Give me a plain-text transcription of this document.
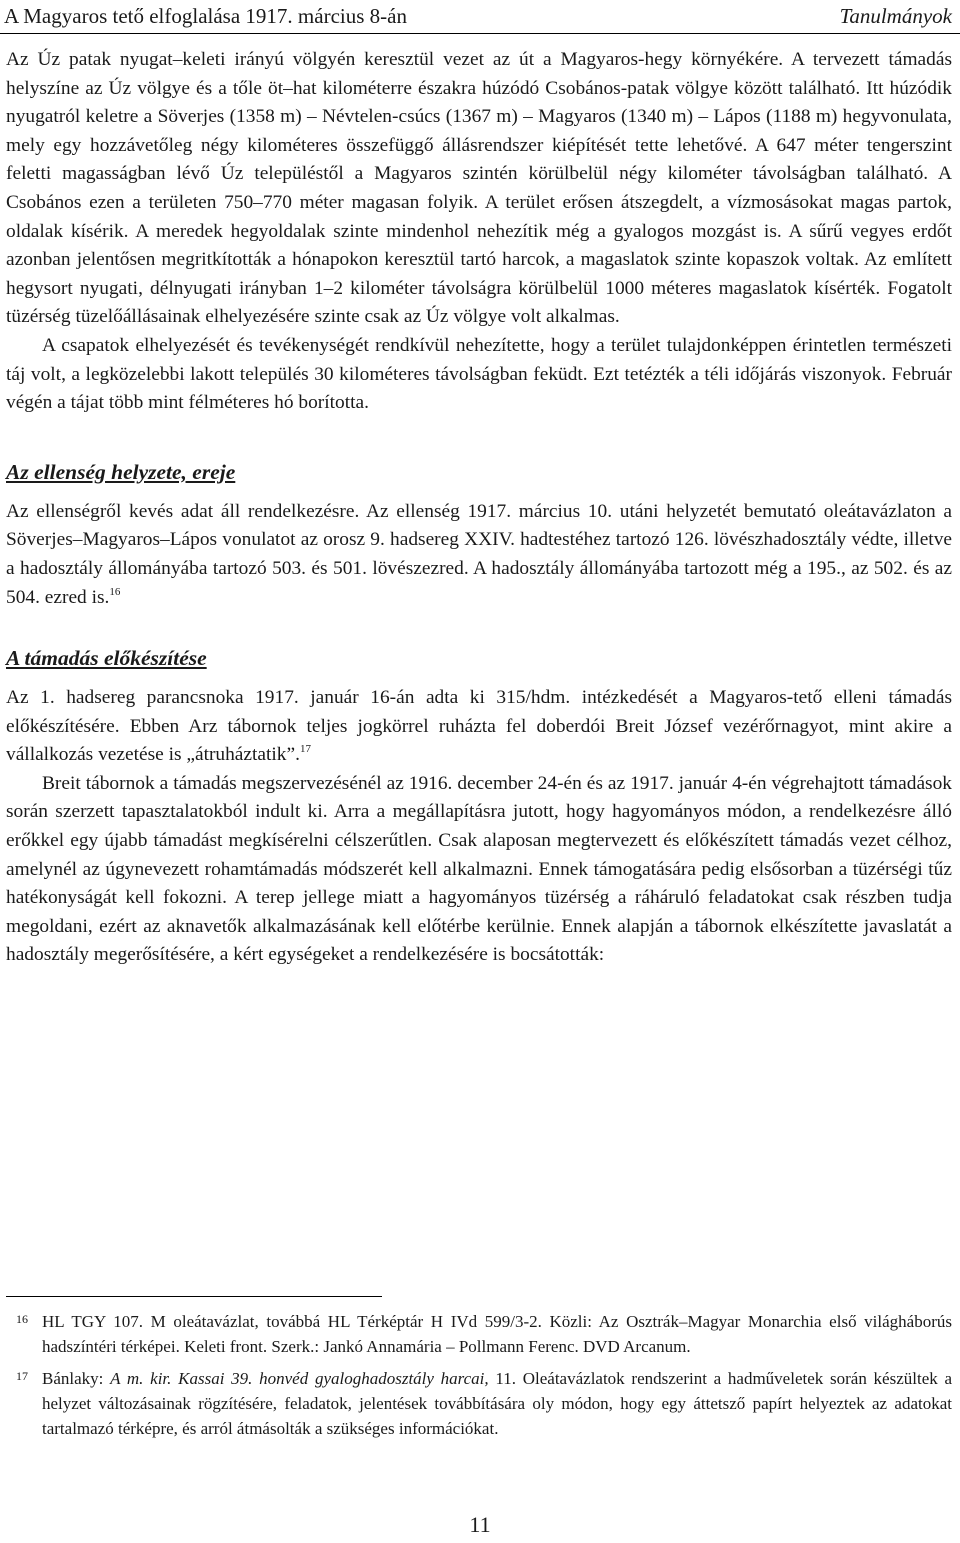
A Magyaros tető elfoglalása 1917. március 8-án	Tanulmányok

Az Úz patak nyugat–keleti irányú völgyén keresztül vezet az út a Magyaros-hegy környékére. A tervezett támadás helyszíne az Úz völgye és a tőle öt–hat kilométerre északra húzódó Csobános-patak völgye között található. Itt húzódik nyugatról keletre a Söverjes (1358 m) – Névtelen-csúcs (1367 m) – Magyaros (1340 m) – Lápos (1188 m) hegyvonulata, mely egy hozzávetőleg négy kilométeres összefüggő állásrendszer kiépítését tette lehetővé. A 647 méter tengerszint feletti magasságban lévő Úz településtől a Magyaros szintén körülbelül négy kilométer távolságban található. A Csobános ezen a területen 750–770 méter magasan folyik. A terület erősen átszegdelt, a vízmosásokat magas partok, oldalak kísérik. A meredek hegyoldalak szinte mindenhol nehezítik még a gyalogos mozgást is. A sűrű vegyes erdőt azonban jelentősen megritkították a hónapokon keresztül tartó harcok, a magaslatok szinte kopaszok voltak. Az említett hegysort nyugati, délnyugati irányban 1–2 kilométer távolságra körülbelül 1000 méteres magaslatok kísérték. Fogatolt tüzérség tüzelőállásainak elhelyezésére szinte csak az Úz völgye volt alkalmas.

A csapatok elhelyezését és tevékenységét rendkívül nehezítette, hogy a terület tulajdonképpen érintetlen természeti táj volt, a legközelebbi lakott település 30 kilométeres távolságban feküdt. Ezt tetézték a téli időjárás viszonyok. Február végén a tájat több mint félméteres hó borította.

Az ellenség helyzete, ereje

Az ellenségről kevés adat áll rendelkezésre. Az ellenség 1917. március 10. utáni helyzetét bemutató oleátavázlaton a Söverjes–Magyaros–Lápos vonulatot az orosz 9. hadsereg XXIV. hadtestéhez tartozó 126. lövészhadosztály védte, illetve a hadosztály állományába tartozó 503. és 501. lövészezred. A hadosztály állományába tartozott még a 195., az 502. és az 504. ezred is.$^{16}$

A támadás előkészítése

Az 1. hadsereg parancsnoka 1917. január 16-án adta ki 315/hdm. intézkedését a Magyaros-tető elleni támadás előkészítésére. Ebben Arz tábornok teljes jogkörrel ruházta fel doberdói Breit József vezérőrnagyot, mint akire a vállalkozás vezetése is „átruháztatik”.$^{17}$

Breit tábornok a támadás megszervezésénél az 1916. december 24-én és az 1917. január 4-én végrehajtott támadások során szerzett tapasztalatokból indult ki. Arra a megállapításra jutott, hogy hagyományos módon, a rendelkezésre álló erőkkel egy újabb támadást megkísérelni célszerűtlen. Csak alaposan megtervezett és előkészített támadás vezet célhoz, amelynél az úgynevezett rohamtámadás módszerét kell alkalmazni. Ennek támogatására pedig elsősorban a tüzérségi tűz hatékonyságát kell fokozni. A terep jellege miatt a hagyományos tüzérség a ráháruló feladatokat csak részben tudja megoldani, ezért az aknavetők alkalmazásának kell előtérbe kerülnie. Ennek alapján a tábornok elkészítette javaslatát a hadosztály megerősítésére, a kért egységeket a rendelkezésére is bocsátották:

16 HL TGY 107. M oleátavázlat, továbbá HL Térképtár H IVd 599/3-2. Közli: Az Osztrák–Magyar Monarchia első világháborús hadszíntéri térképei. Keleti front. Szerk.: Jankó Annamária – Pollmann Ferenc. DVD Arcanum.
17 Bánlaky: A m. kir. Kassai 39. honvéd gyaloghadosztály harcai, 11. Oleátavázlatok rendszerint a hadműveletek során készültek a helyzet változásainak rögzítésére, feladatok, jelentések továbbítására oly módon, hogy egy áttetsző papírt helyeztek az adatokat tartalmazó térképre, és arról átmásolták a szükséges információkat.
11
